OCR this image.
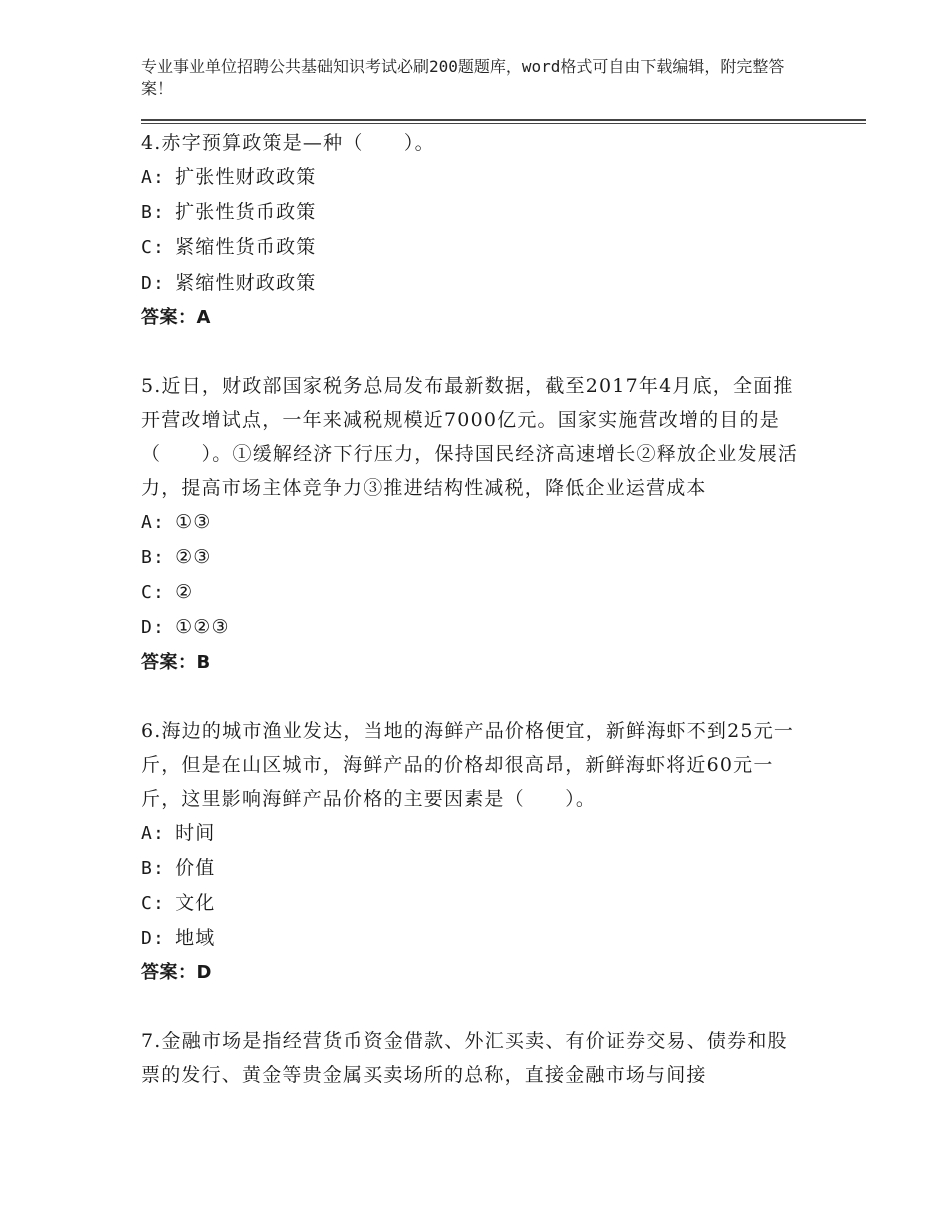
专业事业单位招聘公共基础知识考试必刷200题题库，word格式可自由下载编辑，附完整答案！
4.赤字预算政策是—种（　　）。
A: 扩张性财政政策
B: 扩张性货币政策
C: 紧缩性货币政策
D: 紧缩性财政政策
答案：A
5.近日，财政部国家税务总局发布最新数据，截至2017年4月底，全面推开营改增试点，一年来减税规模近7000亿元。国家实施营改增的目的是（　　）。①缓解经济下行压力，保持国民经济高速增长②释放企业发展活力，提高市场主体竞争力③推进结构性减税，降低企业运营成本
A: ①③
B: ②③
C: ②
D: ①②③
答案：B
6.海边的城市渔业发达，当地的海鲜产品价格便宜，新鲜海虾不到25元一斤，但是在山区城市，海鲜产品的价格却很高昂，新鲜海虾将近60元一斤，这里影响海鲜产品价格的主要因素是（　　）。
A: 时间
B: 价值
C: 文化
D: 地域
答案：D
7.金融市场是指经营货币资金借款、外汇买卖、有价证券交易、债券和股票的发行、黄金等贵金属买卖场所的总称，直接金融市场与间接
